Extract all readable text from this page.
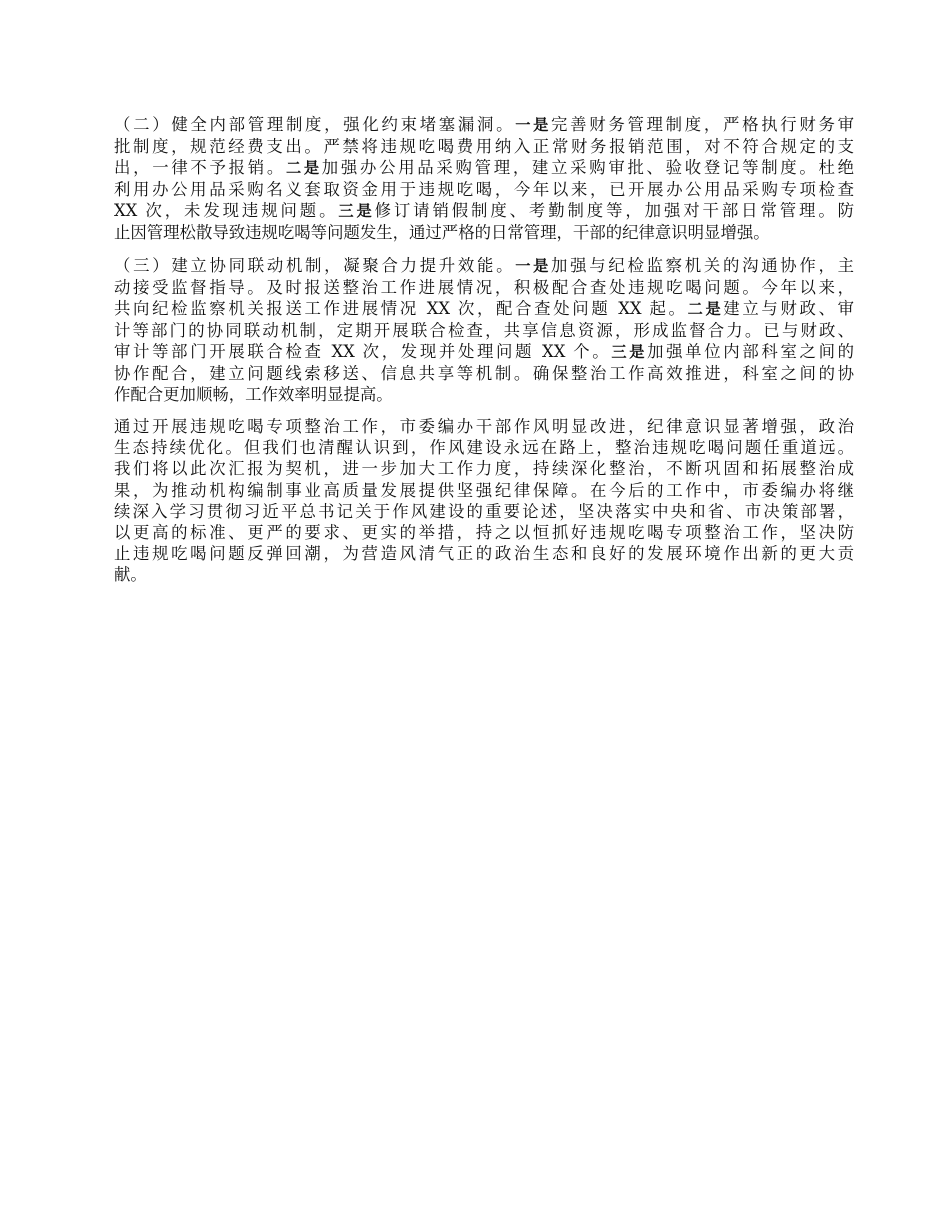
（二）健全内部管理制度，强化约束堵塞漏洞。一是完善财务管理制度，严格执行财务审
批制度，规范经费支出。严禁将违规吃喝费用纳入正常财务报销范围，对不符合规定的支
出，一律不予报销。二是加强办公用品采购管理，建立采购审批、验收登记等制度。杜绝
利用办公用品采购名义套取资金用于违规吃喝，今年以来，已开展办公用品采购专项检查
XX 次，未发现违规问题。三是修订请销假制度、考勤制度等，加强对干部日常管理。防
止因管理松散导致违规吃喝等问题发生，通过严格的日常管理，干部的纪律意识明显增强。
（三）建立协同联动机制，凝聚合力提升效能。一是加强与纪检监察机关的沟通协作，主
动接受监督指导。及时报送整治工作进展情况，积极配合查处违规吃喝问题。今年以来，
共向纪检监察机关报送工作进展情况 XX 次，配合查处问题 XX 起。二是建立与财政、审
计等部门的协同联动机制，定期开展联合检查，共享信息资源，形成监督合力。已与财政、
审计等部门开展联合检查 XX 次，发现并处理问题 XX 个。三是加强单位内部科室之间的
协作配合，建立问题线索移送、信息共享等机制。确保整治工作高效推进，科室之间的协
作配合更加顺畅，工作效率明显提高。
通过开展违规吃喝专项整治工作，市委编办干部作风明显改进，纪律意识显著增强，政治
生态持续优化。但我们也清醒认识到，作风建设永远在路上，整治违规吃喝问题任重道远。
我们将以此次汇报为契机，进一步加大工作力度，持续深化整治，不断巩固和拓展整治成
果，为推动机构编制事业高质量发展提供坚强纪律保障。在今后的工作中，市委编办将继
续深入学习贯彻习近平总书记关于作风建设的重要论述，坚决落实中央和省、市决策部署，
以更高的标准、更严的要求、更实的举措，持之以恒抓好违规吃喝专项整治工作，坚决防
止违规吃喝问题反弹回潮，为营造风清气正的政治生态和良好的发展环境作出新的更大贡
献。
